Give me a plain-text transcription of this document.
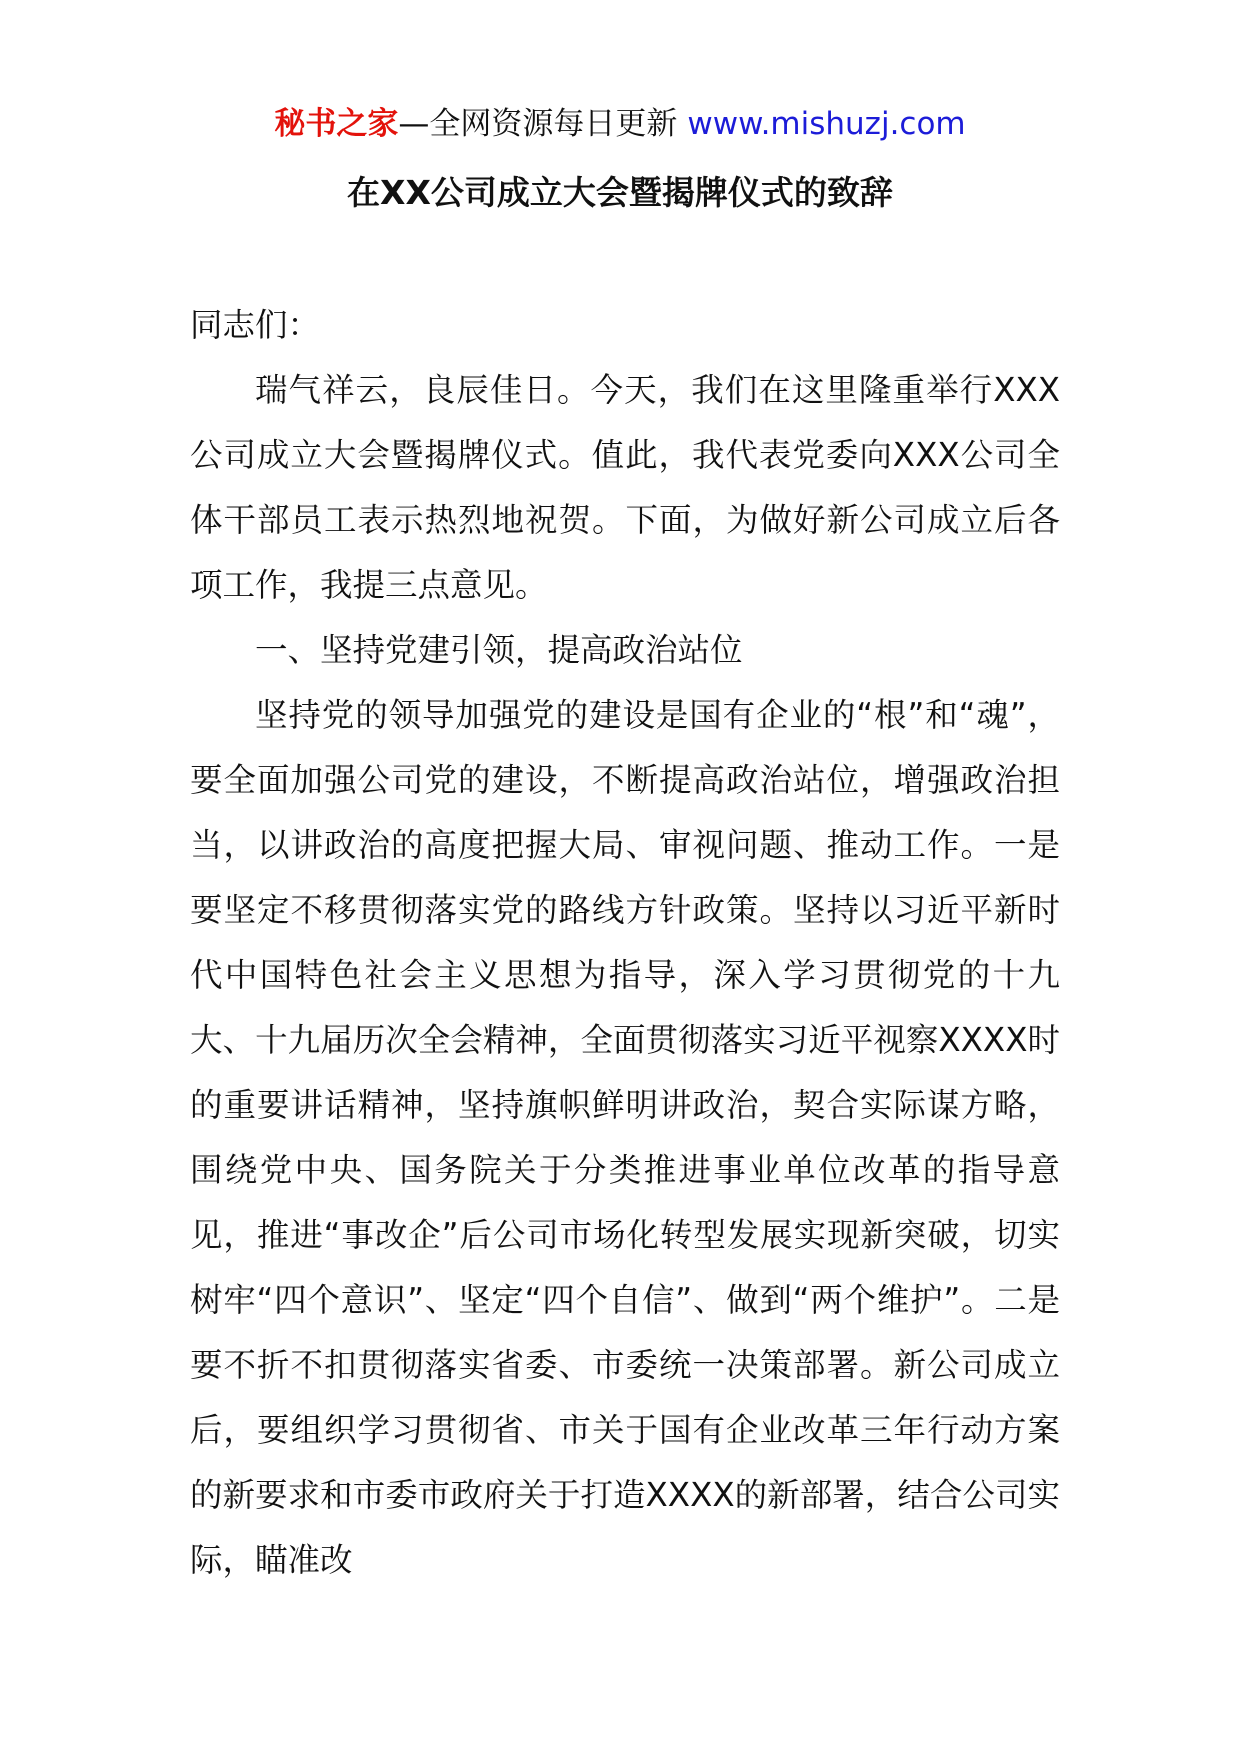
秘书之家—全网资源每日更新 www.mishuzj.com
在XX公司成立大会暨揭牌仪式的致辞

同志们：

瑞气祥云，良辰佳日。今天，我们在这里隆重举行XXX公司成立大会暨揭牌仪式。值此，我代表党委向XXX公司全体干部员工表示热烈地祝贺。下面，为做好新公司成立后各项工作，我提三点意见。

一、坚持党建引领，提高政治站位

坚持党的领导加强党的建设是国有企业的“根”和“魂”，要全面加强公司党的建设，不断提高政治站位，增强政治担当，以讲政治的高度把握大局、审视问题、推动工作。一是要坚定不移贯彻落实党的路线方针政策。坚持以习近平新时代中国特色社会主义思想为指导，深入学习贯彻党的十九大、十九届历次全会精神，全面贯彻落实习近平视察XXXX时的重要讲话精神，坚持旗帜鲜明讲政治，契合实际谋方略，围绕党中央、国务院关于分类推进事业单位改革的指导意见，推进“事改企”后公司市场化转型发展实现新突破，切实树牢“四个意识”、坚定“四个自信”、做到“两个维护”。二是要不折不扣贯彻落实省委、市委统一决策部署。新公司成立后，要组织学习贯彻省、市关于国有企业改革三年行动方案的新要求和市委市政府关于打造XXXX的新部署，结合公司实际，瞄准改
